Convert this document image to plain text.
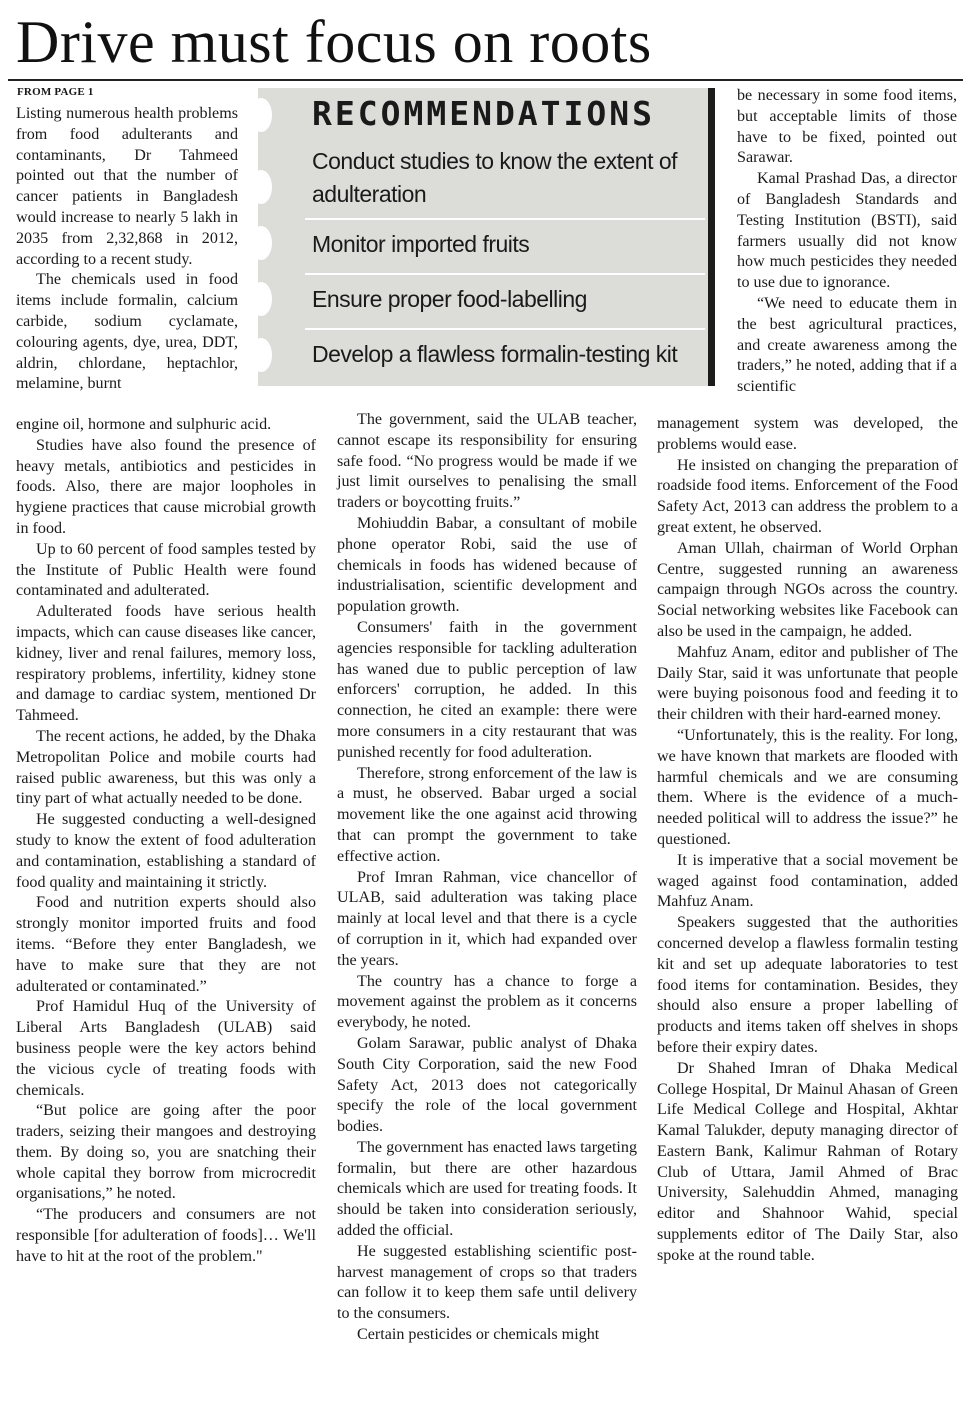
Drive must focus on roots
FROM PAGE 1
RECOMMENDATIONS

Conduct studies to know the extent of adulteration

Monitor imported fruits

Ensure proper food-labelling

Develop a flawless formalin-testing kit

Listing numerous health problems from food adulterants and contaminants, Dr Tahmeed pointed out that the number of cancer patients in Bangladesh would increase to nearly 5 lakh in 2035 from 2,32,868 in 2012, according to a recent study.

The chemicals used in food items include formalin, calcium carbide, sodium cyclamate, colouring agents, dye, urea, DDT, aldrin, chlordane, heptachlor, melamine, burnt

engine oil, hormone and sulphuric acid.

Studies have also found the presence of heavy metals, antibiotics and pesticides in foods. Also, there are major loopholes in hygiene practices that cause microbial growth in food.

Up to 60 percent of food samples tested by the Institute of Public Health were found contaminated and adulterated.

Adulterated foods have serious health impacts, which can cause diseases like cancer, kidney, liver and renal failures, memory loss, respiratory problems, infertility, kidney stone and damage to cardiac system, mentioned Dr Tahmeed.

The recent actions, he added, by the Dhaka Metropolitan Police and mobile courts had raised public awareness, but this was only a tiny part of what actually needed to be done.

He suggested conducting a well-designed study to know the extent of food adulteration and contamination, establishing a standard of food quality and maintaining it strictly.

Food and nutrition experts should also strongly monitor imported fruits and food items. “Before they enter Bangladesh, we have to make sure that they are not adulterated or contaminated.”

Prof Hamidul Huq of the University of Liberal Arts Bangladesh (ULAB) said business people were the key actors behind the vicious cycle of treating foods with chemicals.

“But police are going after the poor traders, seizing their mangoes and destroying them. By doing so, you are snatching their whole capital they borrow from microcredit organisations,” he noted.

“The producers and consumers are not responsible [for adulteration of foods]… We'll have to hit at the root of the problem."

The government, said the ULAB teacher, cannot escape its responsibility for ensuring safe food. “No progress would be made if we just limit ourselves to penalising the small traders or boycotting fruits.”

Mohiuddin Babar, a consultant of mobile phone operator Robi, said the use of chemicals in foods has widened because of industrialisation, scientific development and population growth.

Consumers' faith in the government agencies responsible for tackling adulteration has waned due to public perception of law enforcers' corruption, he added. In this connection, he cited an example: there were more consumers in a city restaurant that was punished recently for food adulteration.

Therefore, strong enforcement of the law is a must, he observed. Babar urged a social movement like the one against acid throwing that can prompt the government to take effective action.

Prof Imran Rahman, vice chancellor of ULAB, said adulteration was taking place mainly at local level and that there is a cycle of corruption in it, which had expanded over the years.

The country has a chance to forge a movement against the problem as it concerns everybody, he noted.

Golam Sarawar, public analyst of Dhaka South City Corporation, said the new Food Safety Act, 2013 does not categorically specify the role of the local government bodies.

The government has enacted laws targeting formalin, but there are other hazardous chemicals which are used for treating foods. It should be taken into consideration seriously, added the official.

He suggested establishing scientific post-harvest management of crops so that traders can follow it to keep them safe until delivery to the consumers.

Certain pesticides or chemicals might

be necessary in some food items, but acceptable limits of those have to be fixed, pointed out Sarawar.

Kamal Prashad Das, a director of Bangladesh Standards and Testing Institution (BSTI), said farmers usually did not know how much pesticides they needed to use due to ignorance.

“We need to educate them in the best agricultural practices, and create awareness among the traders,” he noted, adding that if a scientific

management system was developed, the problems would ease.

He insisted on changing the preparation of roadside food items. Enforcement of the Food Safety Act, 2013 can address the problem to a great extent, he observed.

Aman Ullah, chairman of World Orphan Centre, suggested running an awareness campaign through NGOs across the country. Social networking websites like Facebook can also be used in the campaign, he added.

Mahfuz Anam, editor and publisher of The Daily Star, said it was unfortunate that people were buying poisonous food and feeding it to their children with their hard-earned money.

“Unfortunately, this is the reality. For long, we have known that markets are flooded with harmful chemicals and we are consuming them. Where is the evidence of a much-needed political will to address the issue?” he questioned.

It is imperative that a social movement be waged against food contamination, added Mahfuz Anam.

Speakers suggested that the authorities concerned develop a flawless formalin testing kit and set up adequate laboratories to test food items for contamination. Besides, they should also ensure a proper labelling of products and items taken off shelves in shops before their expiry dates.

Dr Shahed Imran of Dhaka Medical College Hospital, Dr Mainul Ahasan of Green Life Medical College and Hospital, Akhtar Kamal Talukder, deputy managing director of Eastern Bank, Kalimur Rahman of Rotary Club of Uttara, Jamil Ahmed of Brac University, Salehuddin Ahmed, managing editor and Shahnoor Wahid, special supplements editor of The Daily Star, also spoke at the round table.
